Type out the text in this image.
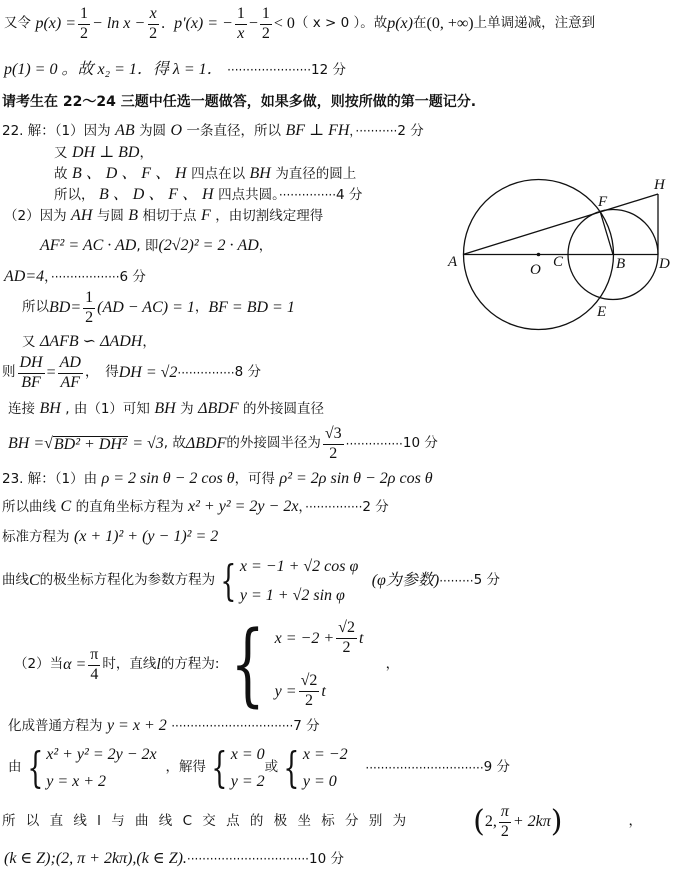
又令
$p(x) = \frac{1}{2} - \ln x - \frac{x}{2}$ .
p'(x) = − $\frac{1}{x} - \frac{1}{2} < 0$ （ x > 0 ）。故 p(x) 在 (0, +∞) 上单调递减，注意到
p(1) = 0 。故 x₂ = 1．得 λ = 1． ······················12 分
请考生在 22～24 三题中任选一题做答，如果多做，则按所做的第一题记分.
22. 解：（1）因为 AB 为圆 O 一条直径，所以 BF ⊥ FH，···········2 分
又 DH ⊥ BD，
故 B 、 D 、 F 、 H 四点在以 BH 为直径的圆上
所以， B 、 D 、 F 、 H 四点共圆。···············4 分
（2）因为 AH 与圆 B 相切于点 F ，由切割线定理得
AF² = AC · AD, 即(2√2)² = 2 · AD，
AD=4，··················6 分
所以 $BD= \frac{1}{2} (AD - AC) = 1$ ， BF = BD = 1
又 ΔAFB ∽ ΔADH，
则 $\frac{DH}{BF} = \frac{AD}{AF}$ ，　得 DH = √2 ··············· 8 分
连接 BH , 由（1）可知 BH 为 ΔBDF 的外接圆直径
BH = √ BD² + DH²
= √3 , 故 ΔBDF 的外接圆半径为 $\frac{√3}{2}$ ··············· 10 分
A	O C	B D
E
F
H
23. 解：（1）由 ρ = 2 sin θ − 2 cos θ，可得 ρ² = 2ρ sin θ − 2ρ cos θ
所以曲线 C 的直角坐标方程为 x² + y² = 2y − 2x，···············2 分
标准方程为 (x + 1)² + (y − 1)² = 2
曲线 C 的极坐标方程化为参数方程为 { x = −1 + √2 cos φ
y = 1 + √2 sin φ

(φ为参数) ········· 5 分
（2）当 $\alpha = \frac{\pi}{4}$ 时，直线 l 的方程为: { $x = -2 + \frac{√2}{2}$ t
$y = \frac{√2}{2}$ t

，
化成普通方程为 y = x + 2 ································7 分
由 { x² + y² = 2y − 2x
y = x + 2

，解得 { x = 0
y = 2
或 { x = −2
y = 0

······························· 9 分
所 以 直 线 l 与 曲 线 C 交 点 的 极 坐 标 分 别 为 ( 2, $\frac{\pi}{2} + 2k\pi$ )	，
(k ∈ Z);(2, π + 2kπ),(k ∈ Z).································10 分
